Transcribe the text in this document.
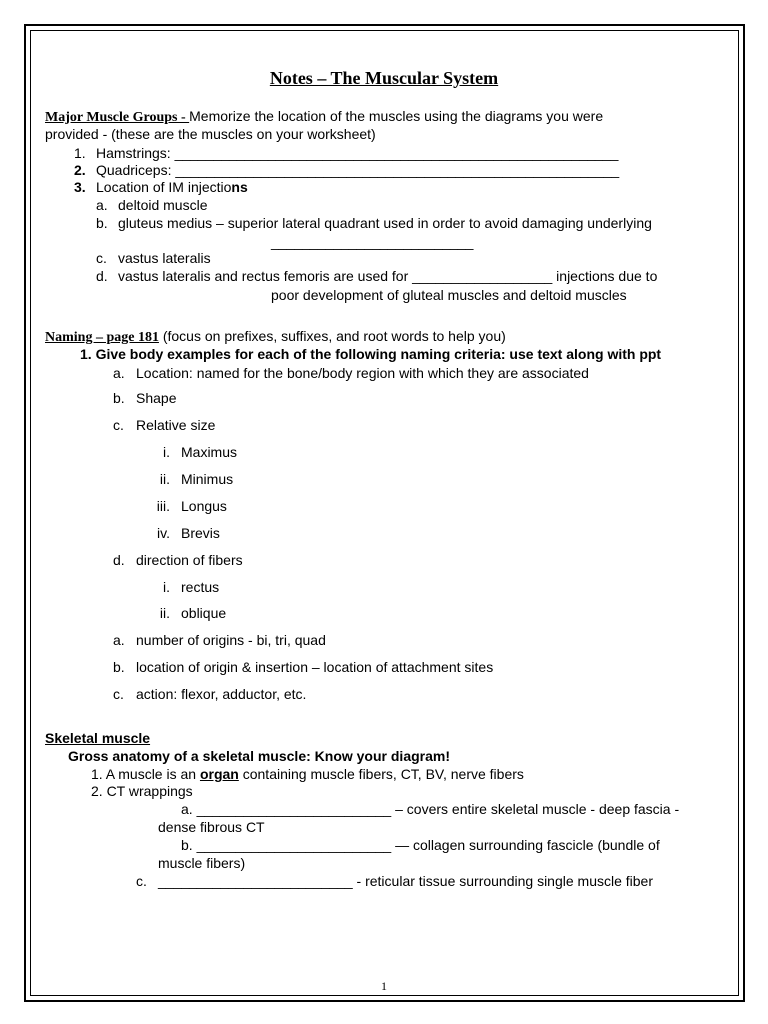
Notes – The Muscular System
Major Muscle Groups - Memorize the location of the muscles using the diagrams you were
provided - (these are the muscles on your worksheet)
1. Hamstrings: _________________________________________________________
2. Quadriceps: _________________________________________________________
3. Location of IM injections
a. deltoid muscle
b. gluteus medius – superior lateral quadrant used in order to avoid damaging underlying
__________________________
c. vastus lateralis
d. vastus lateralis and rectus femoris are used for __________________ injections due to
poor development of gluteal muscles and deltoid muscles
Naming – page 181 (focus on prefixes, suffixes, and root words to help you)
1. Give body examples for each of the following naming criteria: use text along with ppt
a. Location: named for the bone/body region with which they are associated
b. Shape
c. Relative size
i. Maximus
ii. Minimus
iii. Longus
iv. Brevis
d. direction of fibers
i. rectus
ii. oblique
a. number of origins - bi, tri, quad
b. location of origin & insertion – location of attachment sites
c. action: flexor, adductor, etc.
Skeletal muscle
Gross anatomy of a skeletal muscle: Know your diagram!
1. A muscle is an organ containing muscle fibers, CT, BV, nerve fibers
2. CT wrappings
a. _________________________ – covers entire skeletal muscle - deep fascia -
dense fibrous CT
b. _________________________ — collagen surrounding fascicle (bundle of
muscle fibers)
c. _________________________ - reticular tissue surrounding single muscle fiber
1
